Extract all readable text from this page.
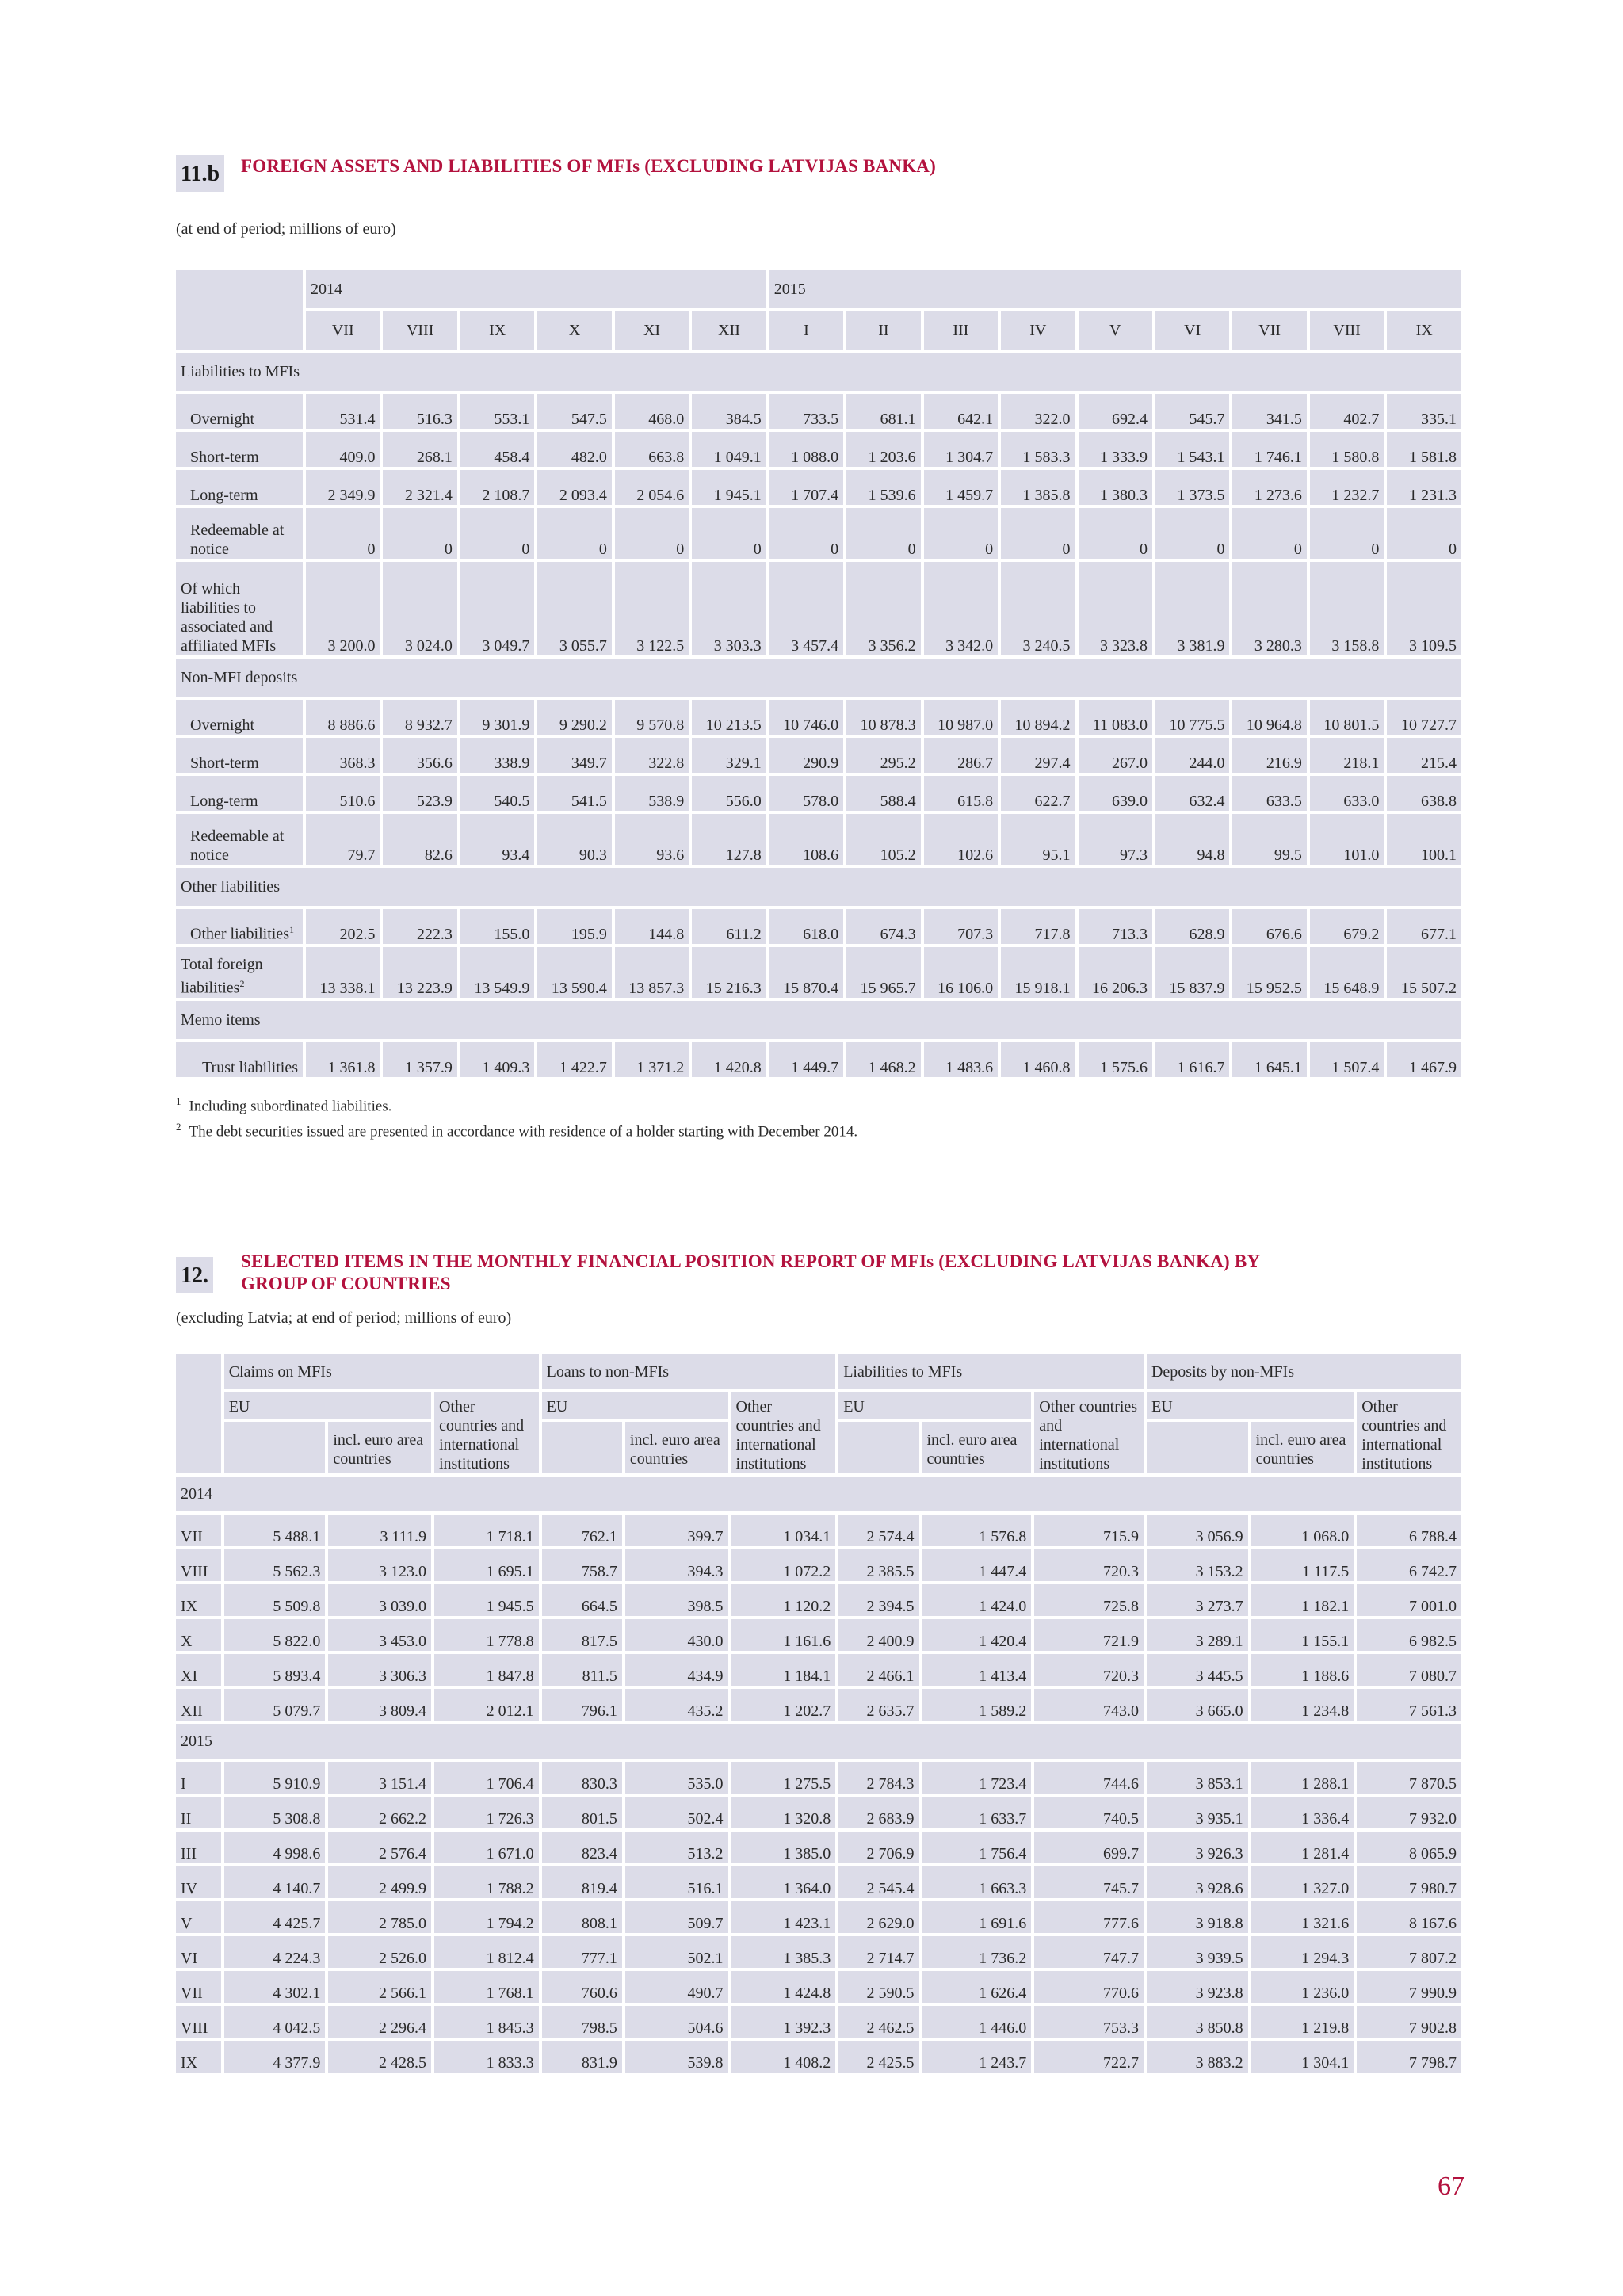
11.b FOREIGN ASSETS AND LIABILITIES OF MFIs (EXCLUDING LATVIJAS BANKA)

(at end of period; millions of euro)

	2014						2015								
	VII	VIII	IX	X	XI	XII	I	II	III	IV	V	VI	VII	VIII	IX
Liabilities to MFIs															
Overnight	531.4	516.3	553.1	547.5	468.0	384.5	733.5	681.1	642.1	322.0	692.4	545.7	341.5	402.7	335.1
Short-term	409.0	268.1	458.4	482.0	663.8	1 049.1	1 088.0	1 203.6	1 304.7	1 583.3	1 333.9	1 543.1	1 746.1	1 580.8	1 581.8
Long-term	2 349.9	2 321.4	2 108.7	2 093.4	2 054.6	1 945.1	1 707.4	1 539.6	1 459.7	1 385.8	1 380.3	1 373.5	1 273.6	1 232.7	1 231.3
Redeemable at notice	0	0	0	0	0	0	0	0	0	0	0	0	0	0	0
Of which liabilities to associated and affiliated MFIs	3 200.0	3 024.0	3 049.7	3 055.7	3 122.5	3 303.3	3 457.4	3 356.2	3 342.0	3 240.5	3 323.8	3 381.9	3 280.3	3 158.8	3 109.5
Non-MFI deposits															
Overnight	8 886.6	8 932.7	9 301.9	9 290.2	9 570.8	10 213.5	10 746.0	10 878.3	10 987.0	10 894.2	11 083.0	10 775.5	10 964.8	10 801.5	10 727.7
Short-term	368.3	356.6	338.9	349.7	322.8	329.1	290.9	295.2	286.7	297.4	267.0	244.0	216.9	218.1	215.4
Long-term	510.6	523.9	540.5	541.5	538.9	556.0	578.0	588.4	615.8	622.7	639.0	632.4	633.5	633.0	638.8
Redeemable at notice	79.7	82.6	93.4	90.3	93.6	127.8	108.6	105.2	102.6	95.1	97.3	94.8	99.5	101.0	100.1
Other liabilities															
Other liabilities$^1$	202.5	222.3	155.0	195.9	144.8	611.2	618.0	674.3	707.3	717.8	713.3	628.9	676.6	679.2	677.1
Total foreign liabilities$^2$	13 338.1	13 223.9	13 549.9	13 590.4	13 857.3	15 216.3	15 870.4	15 965.7	16 106.0	15 918.1	16 206.3	15 837.9	15 952.5	15 648.9	15 507.2
Memo items															
Trust liabilities	1 361.8	1 357.9	1 409.3	1 422.7	1 371.2	1 420.8	1 449.7	1 468.2	1 483.6	1 460.8	1 575.6	1 616.7	1 645.1	1 507.4	1 467.9
$^1$ Including subordinated liabilities.
$^2$ The debt securities issued are presented in accordance with residence of a holder starting with December 2014.
12.
SELECTED ITEMS IN THE MONTHLY FINANCIAL POSITION REPORT OF MFIs (EXCLUDING LATVIJAS BANKA) BY
GROUP OF COUNTRIES

(excluding Latvia; at end of period; millions of euro)

	Claims on MFIs			Loans to non-MFIs			Liabilities to MFIs			Deposits by non-MFIs		
	EU		Other countries and international institutions	EU		Other countries and international institutions	EU		Other countries and international institutions	EU		Other countries and international institutions
		incl. euro area countries			incl. euro area countries			incl. euro area countries			incl. euro area countries	
2014												
VII	5 488.1	3 111.9	1 718.1	762.1	399.7	1 034.1	2 574.4	1 576.8	715.9	3 056.9	1 068.0	6 788.4
VIII	5 562.3	3 123.0	1 695.1	758.7	394.3	1 072.2	2 385.5	1 447.4	720.3	3 153.2	1 117.5	6 742.7
IX	5 509.8	3 039.0	1 945.5	664.5	398.5	1 120.2	2 394.5	1 424.0	725.8	3 273.7	1 182.1	7 001.0
X	5 822.0	3 453.0	1 778.8	817.5	430.0	1 161.6	2 400.9	1 420.4	721.9	3 289.1	1 155.1	6 982.5
XI	5 893.4	3 306.3	1 847.8	811.5	434.9	1 184.1	2 466.1	1 413.4	720.3	3 445.5	1 188.6	7 080.7
XII	5 079.7	3 809.4	2 012.1	796.1	435.2	1 202.7	2 635.7	1 589.2	743.0	3 665.0	1 234.8	7 561.3
2015												
I	5 910.9	3 151.4	1 706.4	830.3	535.0	1 275.5	2 784.3	1 723.4	744.6	3 853.1	1 288.1	7 870.5
II	5 308.8	2 662.2	1 726.3	801.5	502.4	1 320.8	2 683.9	1 633.7	740.5	3 935.1	1 336.4	7 932.0
III	4 998.6	2 576.4	1 671.0	823.4	513.2	1 385.0	2 706.9	1 756.4	699.7	3 926.3	1 281.4	8 065.9
IV	4 140.7	2 499.9	1 788.2	819.4	516.1	1 364.0	2 545.4	1 663.3	745.7	3 928.6	1 327.0	7 980.7
V	4 425.7	2 785.0	1 794.2	808.1	509.7	1 423.1	2 629.0	1 691.6	777.6	3 918.8	1 321.6	8 167.6
VI	4 224.3	2 526.0	1 812.4	777.1	502.1	1 385.3	2 714.7	1 736.2	747.7	3 939.5	1 294.3	7 807.2
VII	4 302.1	2 566.1	1 768.1	760.6	490.7	1 424.8	2 590.5	1 626.4	770.6	3 923.8	1 236.0	7 990.9
VIII	4 042.5	2 296.4	1 845.3	798.5	504.6	1 392.3	2 462.5	1 446.0	753.3	3 850.8	1 219.8	7 902.8
IX	4 377.9	2 428.5	1 833.3	831.9	539.8	1 408.2	2 425.5	1 243.7	722.7	3 883.2	1 304.1	7 798.7
67
